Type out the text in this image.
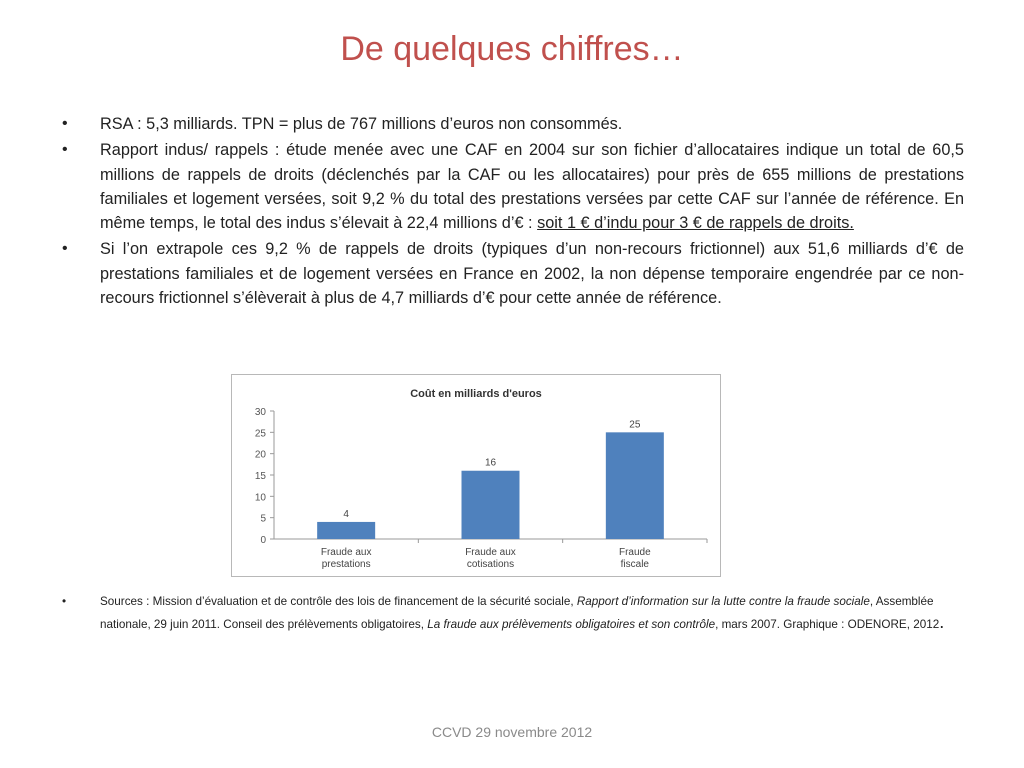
De quelques chiffres…
• RSA : 5,3 milliards. TPN = plus de 767 millions d’euros non consommés.
• Rapport indus/ rappels : étude menée avec une CAF en 2004 sur son fichier d’allocataires indique un total de 60,5 millions de rappels de droits (déclenchés par la CAF ou les allocataires) pour près de 655 millions de prestations familiales et logement versées, soit 9,2 % du total des prestations versées par cette CAF sur l’année de référence. En même temps, le total des indus s’élevait à 22,4 millions d’€ : soit 1 € d’indu pour 3 € de rappels de droits.
• Si l’on extrapole ces 9,2 % de rappels de droits (typiques d’un non-recours frictionnel) aux 51,6 milliards d’€ de prestations familiales et de logement versées en France en 2002, la non dépense temporaire engendrée par ce non-recours frictionnel s’élèverait à plus de 4,7 milliards d’€ pour cette année de référence.
Coût en milliards d'euros
0
5
10
15
20
25
30
4
Fraude aux prestations
16
Fraude aux cotisations
25
Fraude fiscale
•	Sources : Mission d’évaluation et de contrôle des lois de financement de la sécurité sociale, Rapport d’information sur la lutte contre la fraude sociale, Assemblée nationale, 29 juin 2011. Conseil des prélèvements obligatoires, La fraude aux prélèvements obligatoires et son contrôle, mars 2007. Graphique : ODENORE, 2012.
CCVD 29 novembre 2012
